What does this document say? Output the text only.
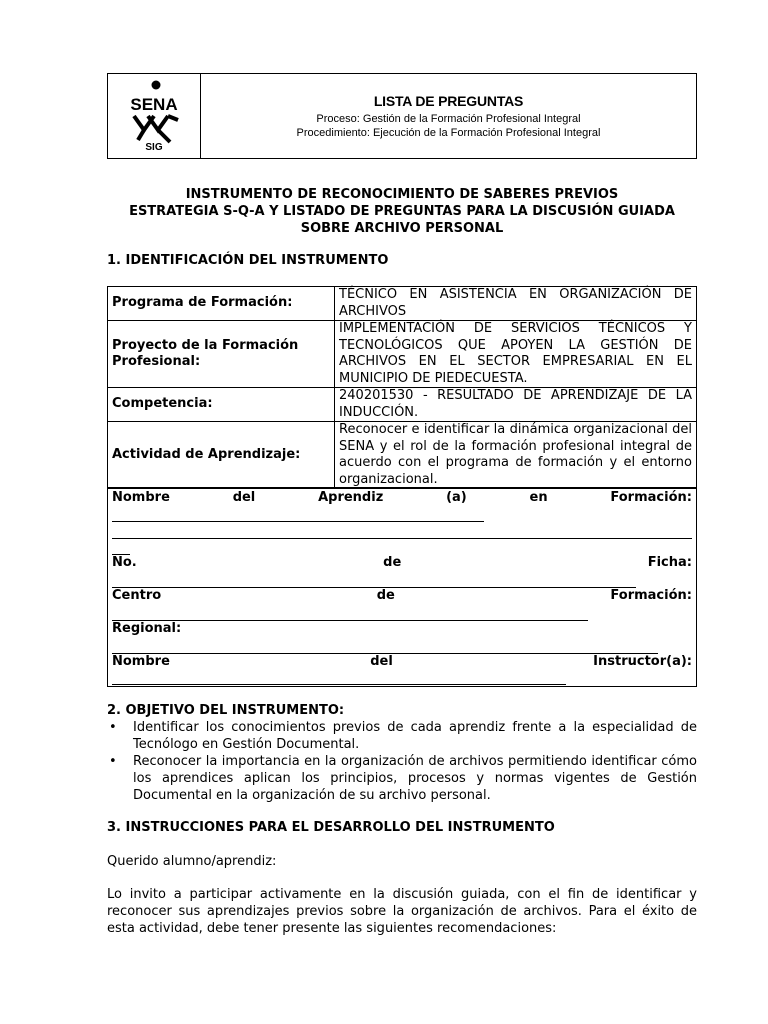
SENA
SIG
LISTA DE PREGUNTAS
Proceso: Gestión de la Formación Profesional Integral
Procedimiento: Ejecución de la Formación Profesional Integral
INSTRUMENTO DE RECONOCIMIENTO DE SABERES PREVIOS
ESTRATEGIA S-Q-A Y LISTADO DE PREGUNTAS PARA LA DISCUSIÓN GUIADA
SOBRE ARCHIVO PERSONAL
1. IDENTIFICACIÓN DEL INSTRUMENTO
Programa de Formación:	TÉCNICO EN ASISTENCIA EN ORGANIZACIÓN DE ARCHIVOS
Proyecto de la Formación Profesional:	IMPLEMENTACIÓN DE SERVICIOS TÉCNICOS Y TECNOLÓGICOS QUE APOYEN LA GESTIÓN DE ARCHIVOS EN EL SECTOR EMPRESARIAL EN EL MUNICIPIO DE PIEDECUESTA.
Competencia:	240201530 - RESULTADO DE APRENDIZAJE DE LA INDUCCIÓN.
Actividad de Aprendizaje:	Reconocer e identificar la dinámica organizacional del SENA y el rol de la formación profesional integral de acuerdo con el programa de formación y el entorno organizacional.
Nombre	del	Aprendiz	(a)	en	Formación:
No.	de	Ficha:
Centro	de	Formación:
Regional:
Nombre	del	Instructor(a):
2. OBJETIVO DEL INSTRUMENTO:
• Identificar los conocimientos previos de cada aprendiz frente a la especialidad de Tecnólogo en Gestión Documental.
• Reconocer la importancia en la organización de archivos permitiendo identificar cómo los aprendices aplican los principios, procesos y normas vigentes de Gestión Documental en la organización de su archivo personal.
3. INSTRUCCIONES PARA EL DESARROLLO DEL INSTRUMENTO
Querido alumno/aprendiz:
Lo invito a participar activamente en la discusión guiada, con el fin de identificar y reconocer sus aprendizajes previos sobre la organización de archivos. Para el éxito de esta actividad, debe tener presente las siguientes recomendaciones:
